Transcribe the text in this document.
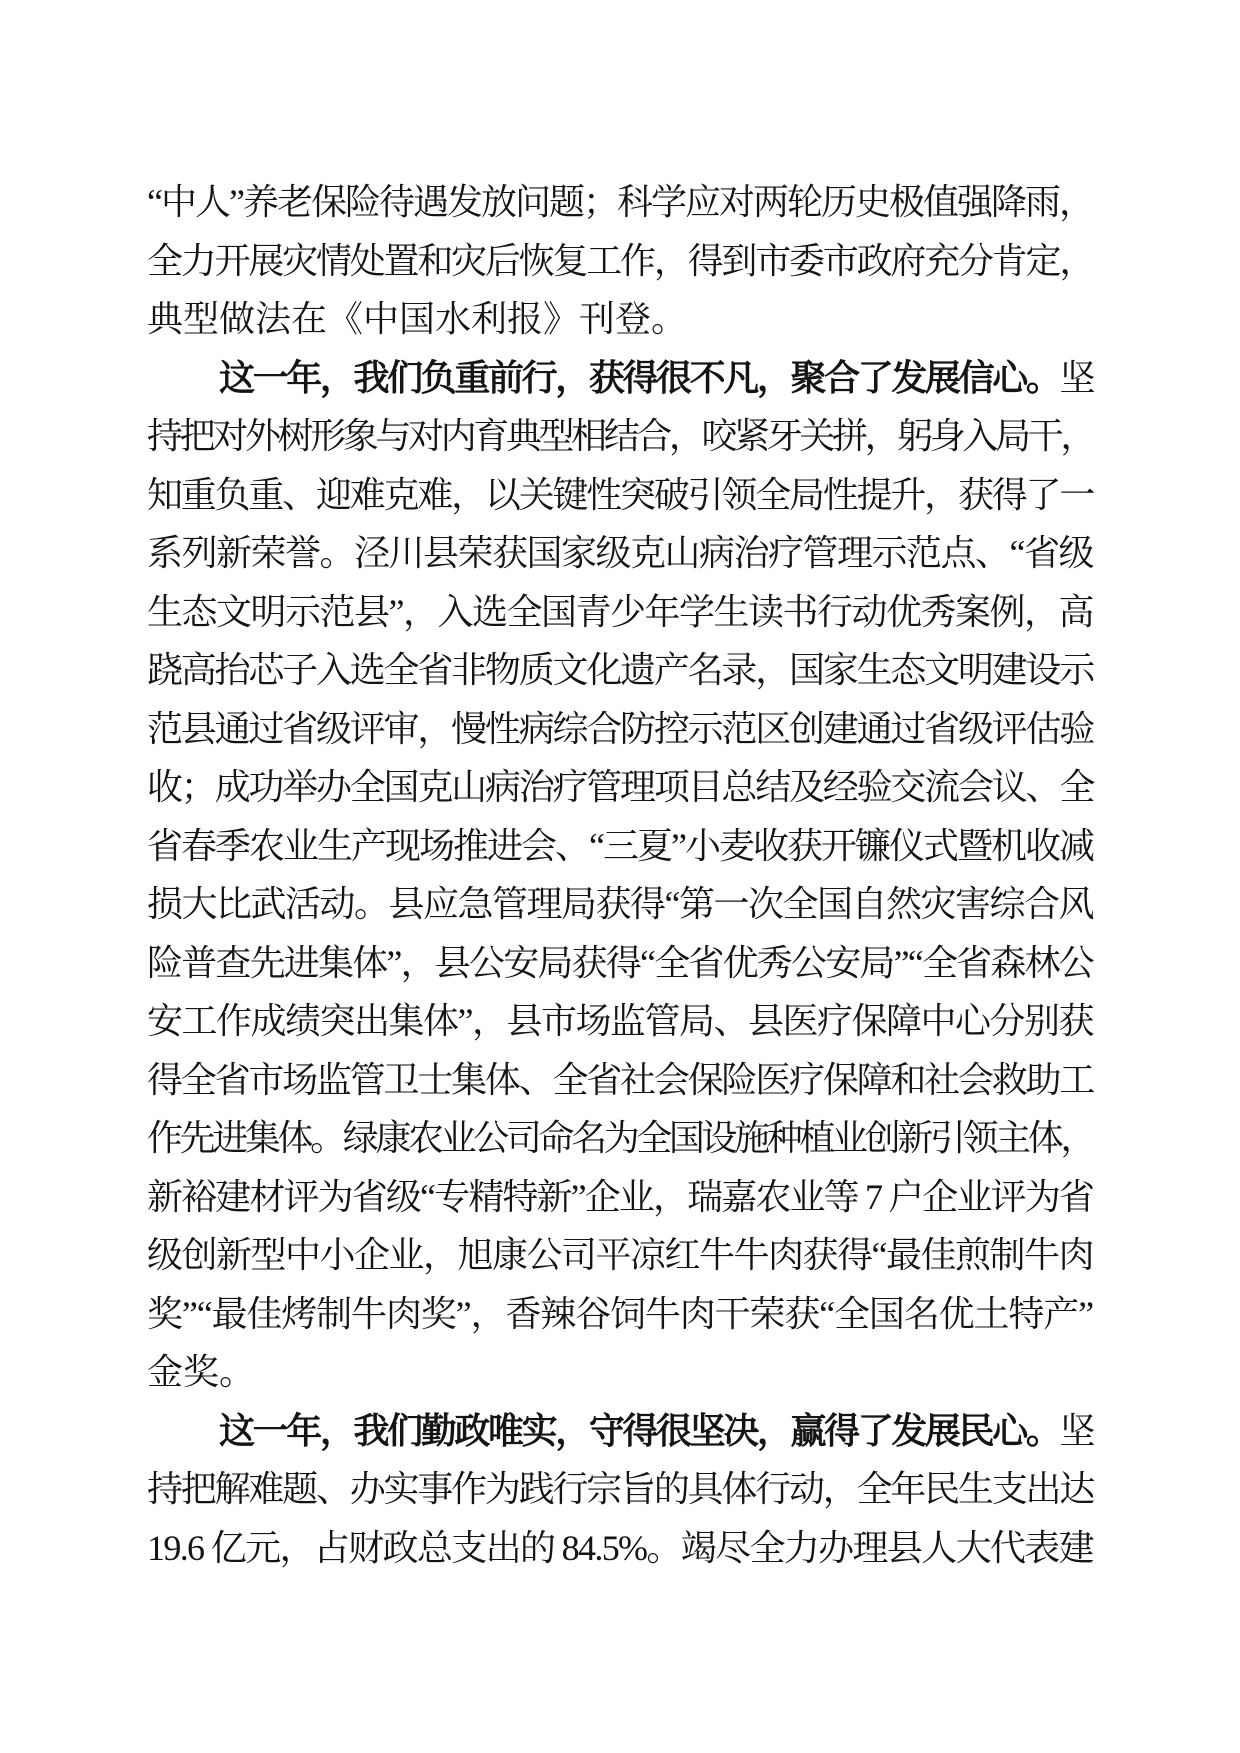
“中人”养老保险待遇发放问题；科学应对两轮历史极值强降雨，
全力开展灾情处置和灾后恢复工作，得到市委市政府充分肯定，
典型做法在《中国水利报》刊登。
这一年，我们负重前行，获得很不凡，聚合了发展信心。坚
持把对外树形象与对内育典型相结合，咬紧牙关拼，躬身入局干，
知重负重、迎难克难，以关键性突破引领全局性提升，获得了一
系列新荣誉。泾川县荣获国家级克山病治疗管理示范点、“省级
生态文明示范县”，入选全国青少年学生读书行动优秀案例，高
跷高抬芯子入选全省非物质文化遗产名录，国家生态文明建设示
范县通过省级评审，慢性病综合防控示范区创建通过省级评估验
收；成功举办全国克山病治疗管理项目总结及经验交流会议、全
省春季农业生产现场推进会、“三夏”小麦收获开镰仪式暨机收减
损大比武活动。县应急管理局获得“第一次全国自然灾害综合风
险普查先进集体”，县公安局获得“全省优秀公安局”“全省森林公
安工作成绩突出集体”，县市场监管局、县医疗保障中心分别获
得全省市场监管卫士集体、全省社会保险医疗保障和社会救助工
作先进集体。绿康农业公司命名为全国设施种植业创新引领主体，
新裕建材评为省级“专精特新”企业，瑞嘉农业等 7 户企业评为省
级创新型中小企业，旭康公司平凉红牛牛肉获得“最佳煎制牛肉
奖”“最佳烤制牛肉奖”，香辣谷饲牛肉干荣获“全国名优土特产”
金奖。
这一年，我们勤政唯实，守得很坚决，赢得了发展民心。坚
持把解难题、办实事作为践行宗旨的具体行动，全年民生支出达
19.6 亿元，占财政总支出的 84.5%。竭尽全力办理县人大代表建
